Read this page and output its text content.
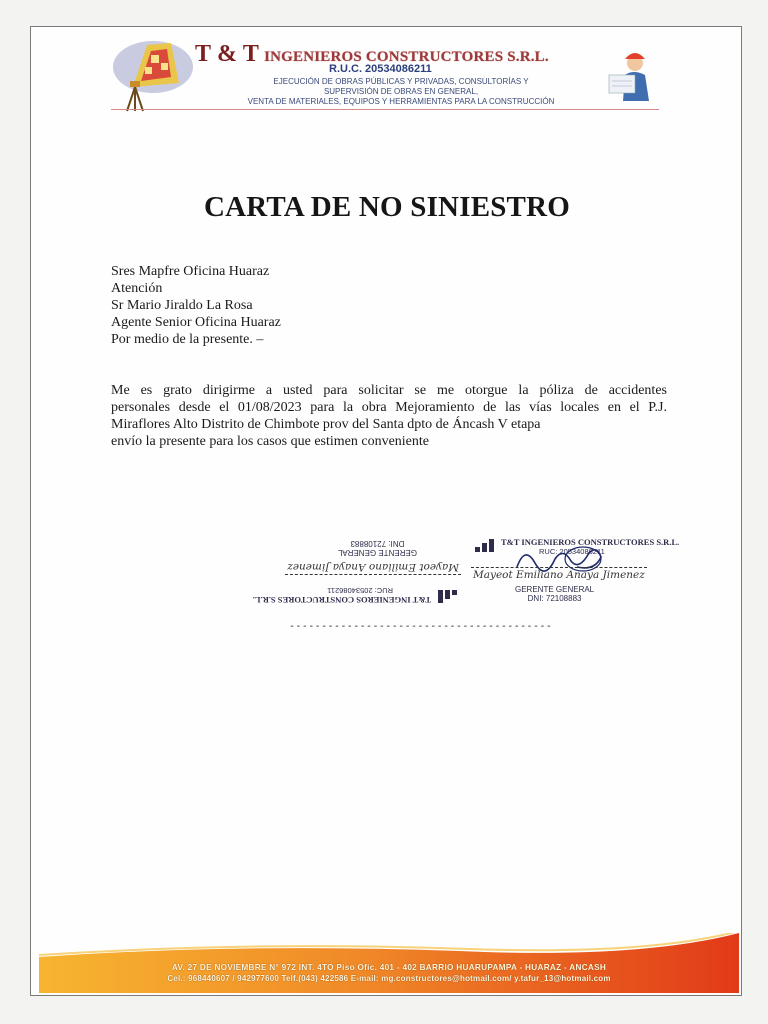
T & T INGENIEROS CONSTRUCTORES S.R.L.
R.U.C. 20534086211
EJECUCIÓN DE OBRAS PÚBLICAS Y PRIVADAS, CONSULTORÍAS Y
SUPERVISIÓN DE OBRAS EN GENERAL,
VENTA DE MATERIALES, EQUIPOS Y HERRAMIENTAS PARA LA CONSTRUCCIÓN
CARTA DE NO SINIESTRO
Sres Mapfre Oficina Huaraz
Atención
Sr Mario Jiraldo La Rosa
Agente Senior Oficina Huaraz
Por medio de la presente. –
Me es grato dirigirme a usted para solicitar se me otorgue la póliza de accidentes
personales desde el 01/08/2023 para la obra Mejoramiento de las vías locales en el P.J.
Miraflores Alto Distrito de Chimbote prov del Santa dpto de Áncash V etapa
envío la presente para los casos que estimen conveniente
T&T INGENIEROS CONSTRUCTORES S.R.L.
RUC: 20534086211
Mayeot Emiliano Anaya Jimenez
GERENTE GENERAL
DNI: 72108883	T&T INGENIEROS CONSTRUCTORES S.R.L.
RUC: 20534086211
Mayeot Emiliano Anaya Jimenez
GERENTE GENERAL
DNI: 72108883
-----------------------------------------
AV. 27 DE NOVIEMBRE N° 972 INT. 4TO Piso Ofic. 401 - 402 BARRIO HUARUPAMPA - HUARAZ - ANCASH
Cel.: 968440607 / 942977600 Telf.(043) 422586 E-mail: mg.constructores@hotmail.com/ y.tafur_13@hotmail.com
